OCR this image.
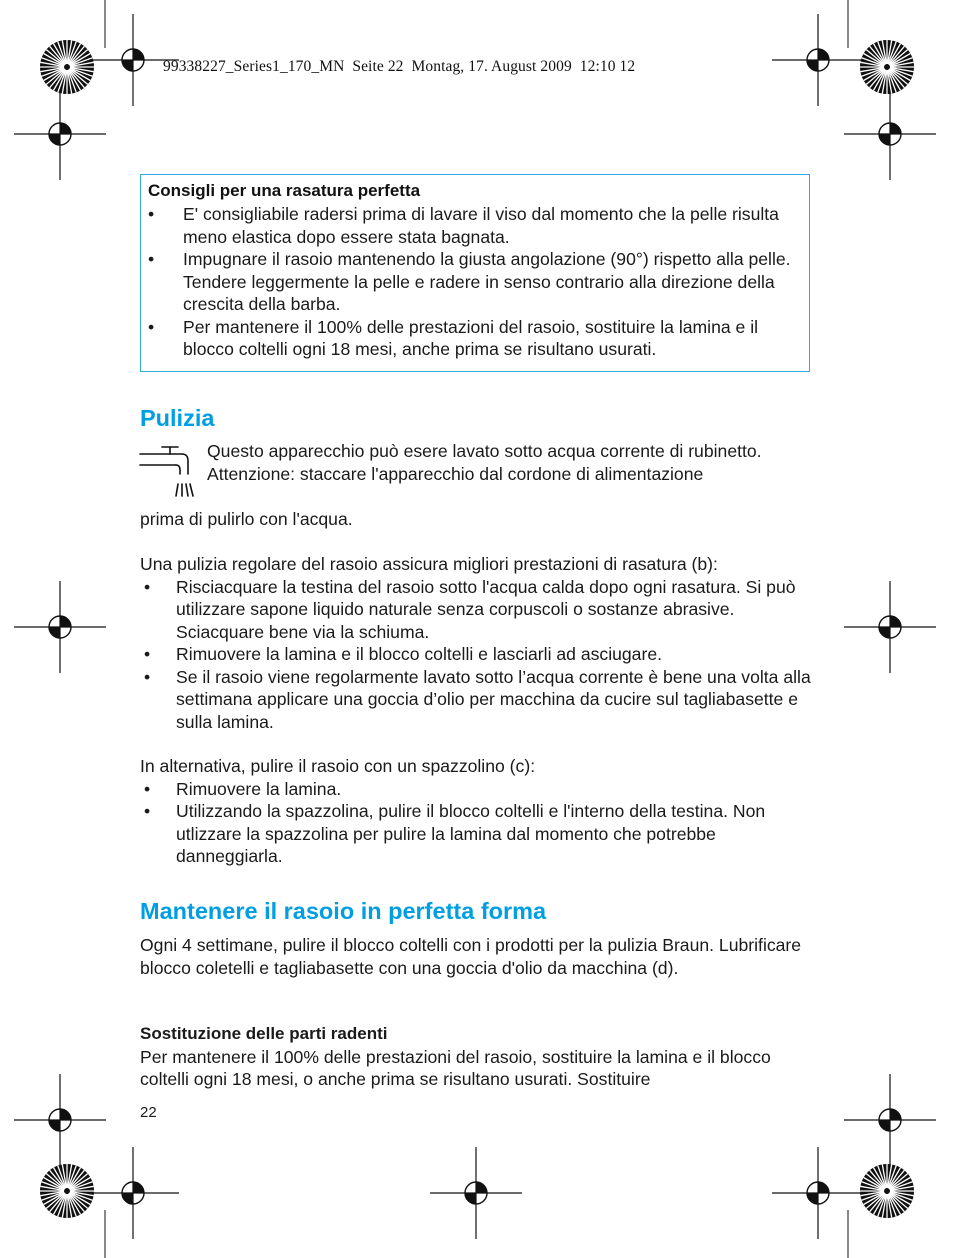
99338227_Series1_170_MN Seite 22 Montag, 17. August 2009 12:10 12
Consigli per una rasatura perfetta
• E' consigliabile radersi prima di lavare il viso dal momento che la pelle risulta meno elastica dopo essere stata bagnata.
• Impugnare il rasoio mantenendo la giusta angolazione (90°) rispetto alla pelle. Tendere leggermente la pelle e radere in senso contrario alla direzione della crescita della barba.
• Per mantenere il 100% delle prestazioni del rasoio, sostituire la lamina e il blocco coltelli ogni 18 mesi, anche prima se risultano usurati.
Pulizia
Questo apparecchio può esere lavato sotto acqua corrente di rubinetto.
Attenzione: staccare l'apparecchio dal cordone di alimentazione
prima di pulirlo con l'acqua.
Una pulizia regolare del rasoio assicura migliori prestazioni di rasatura (b):
• Risciacquare la testina del rasoio sotto l'acqua calda dopo ogni rasatura. Si può utilizzare sapone liquido naturale senza corpuscoli o sostanze abrasive. Sciacquare bene via la schiuma.
• Rimuovere la lamina e il blocco coltelli e lasciarli ad asciugare.
• Se il rasoio viene regolarmente lavato sotto l’acqua corrente è bene una volta alla settimana applicare una goccia d’olio per macchina da cucire sul tagliabasette e sulla lamina.
In alternativa, pulire il rasoio con un spazzolino (c):
• Rimuovere la lamina.
• Utilizzando la spazzolina, pulire il blocco coltelli e l'interno della testina. Non utlizzare la spazzolina per pulire la lamina dal momento che potrebbe danneggiarla.
Mantenere il rasoio in perfetta forma
Ogni 4 settimane, pulire il blocco coltelli con i prodotti per la pulizia Braun. Lubrificare blocco coletelli e tagliabasette con una goccia d'olio da macchina (d).
Sostituzione delle parti radenti
Per mantenere il 100% delle prestazioni del rasoio, sostituire la lamina e il blocco coltelli ogni 18 mesi, o anche prima se risultano usurati. Sostituire
22
